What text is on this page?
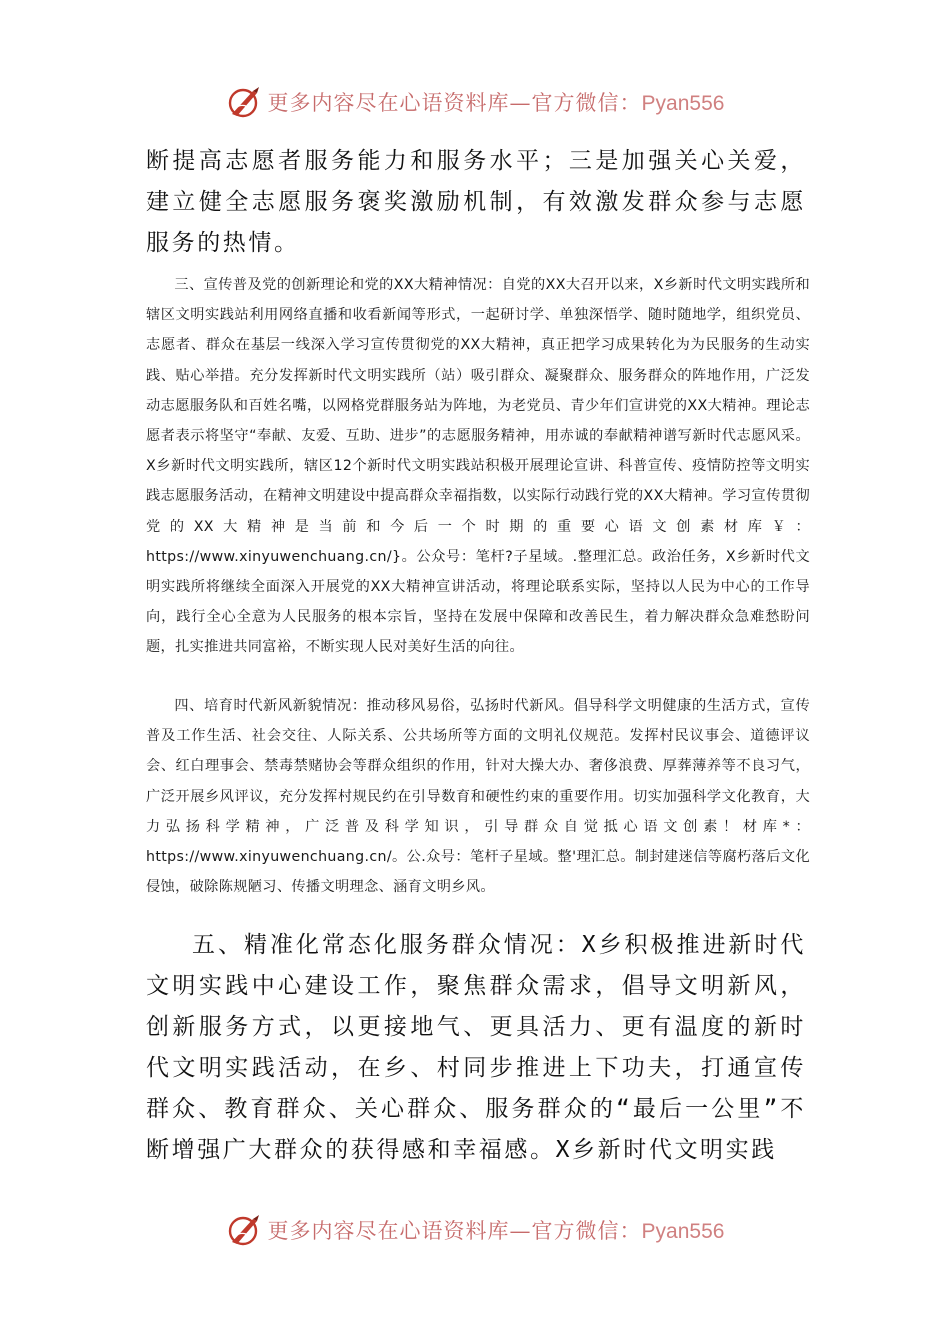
更多内容尽在心语资料库—官方微信：Pyan556
断提高志愿者服务能力和服务水平；三是加强关心关爱，建立健全志愿服务褒奖激励机制，有效激发群众参与志愿服务的热情。
三、宣传普及党的创新理论和党的XX大精神情况：自党的XX大召开以来，X乡新时代文明实践所和辖区文明实践站利用网络直播和收看新闻等形式，一起研讨学、单独深悟学、随时随地学，组织党员、志愿者、群众在基层一线深入学习宣传贯彻党的XX大精神，真正把学习成果转化为为民服务的生动实践、贴心举措。充分发挥新时代文明实践所（站）吸引群众、凝聚群众、服务群众的阵地作用，广泛发动志愿服务队和百姓名嘴，以网格党群服务站为阵地，为老党员、青少年们宣讲党的XX大精神。理论志愿者表示将坚守“奉献、友爱、互助、进步”的志愿服务精神，用赤诚的奉献精神谱写新时代志愿风采。X乡新时代文明实践所，辖区12个新时代文明实践站积极开展理论宣讲、科普宣传、疫情防控等文明实践志愿服务活动，在精神文明建设中提高群众幸福指数，以实际行动践行党的XX大精神。学习宣传贯彻党的XX大精神是当前和今后一个时期的重要心语文创素材库￥：https://www.xinyuwenchuang.cn/}。公众号：笔杆?子星域。.整理汇总。政治任务，X乡新时代文明实践所将继续全面深入开展党的XX大精神宣讲活动，将理论联系实际，坚持以人民为中心的工作导向，践行全心全意为人民服务的根本宗旨，坚持在发展中保障和改善民生，着力解决群众急难愁盼问题，扎实推进共同富裕，不断实现人民对美好生活的向往。
四、培育时代新风新貌情况：推动移风易俗，弘扬时代新风。倡导科学文明健康的生活方式，宣传普及工作生活、社会交往、人际关系、公共场所等方面的文明礼仪规范。发挥村民议事会、道德评议会、红白理事会、禁毒禁赌协会等群众组织的作用，针对大操大办、奢侈浪费、厚葬薄养等不良习气，广泛开展乡风评议，充分发挥村规民约在引导数育和硬性约束的重要作用。切实加强科学文化教育，大力弘扬科学精神，广泛普及科学知识，引导群众自觉抵心语文创素！材库*：https://www.xinyuwenchuang.cn/。公.众号：笔杆子星域。整'理汇总。制封建迷信等腐朽落后文化侵蚀，破除陈规陋习、传播文明理念、涵育文明乡风。
五、精准化常态化服务群众情况：X乡积极推进新时代文明实践中心建设工作，聚焦群众需求，倡导文明新风，创新服务方式，以更接地气、更具活力、更有温度的新时代文明实践活动，在乡、村同步推进上下功夫，打通宣传群众、教育群众、关心群众、服务群众的“最后一公里”不断增强广大群众的获得感和幸福感。X乡新时代文明实践
更多内容尽在心语资料库—官方微信：Pyan556
